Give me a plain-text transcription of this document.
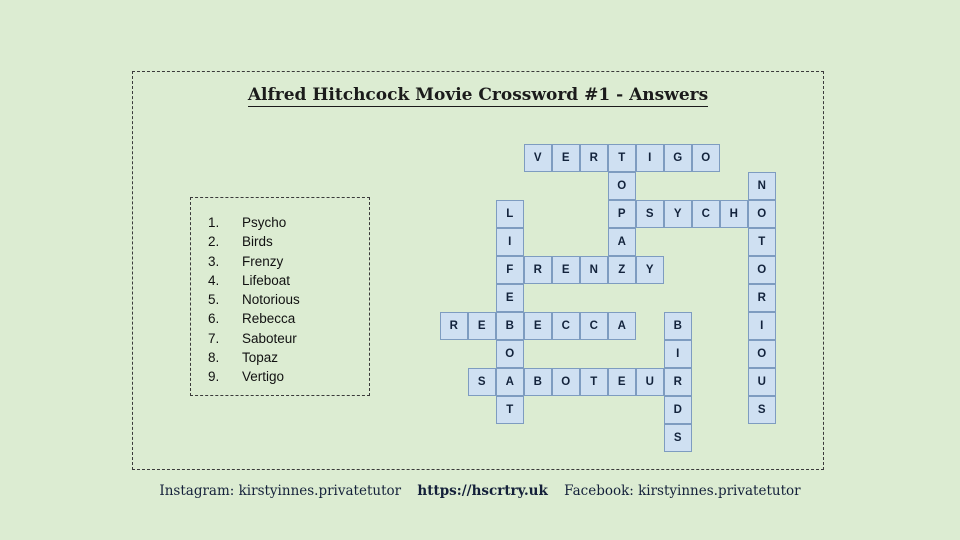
Alfred Hitchcock Movie Crossword #1 - Answers
1. Psycho
2. Birds
3. Frenzy
4. Lifeboat
5. Notorious
6. Rebecca
7. Saboteur
8. Topaz
9. Vertigo
V	E	R	T	I	G	O
O	N
L	P	S	Y	C	H	O
I	A	T
F	R	E	N	Z	Y	O
E	R
R	E	B	E	C	C	A	B	I
O	I	O
S	A	B	O	T	E	U	R	U
T	D	S
S
Instagram: kirstyinnes.privatetutor https://hscrtry.uk Facebook: kirstyinnes.privatetutor
